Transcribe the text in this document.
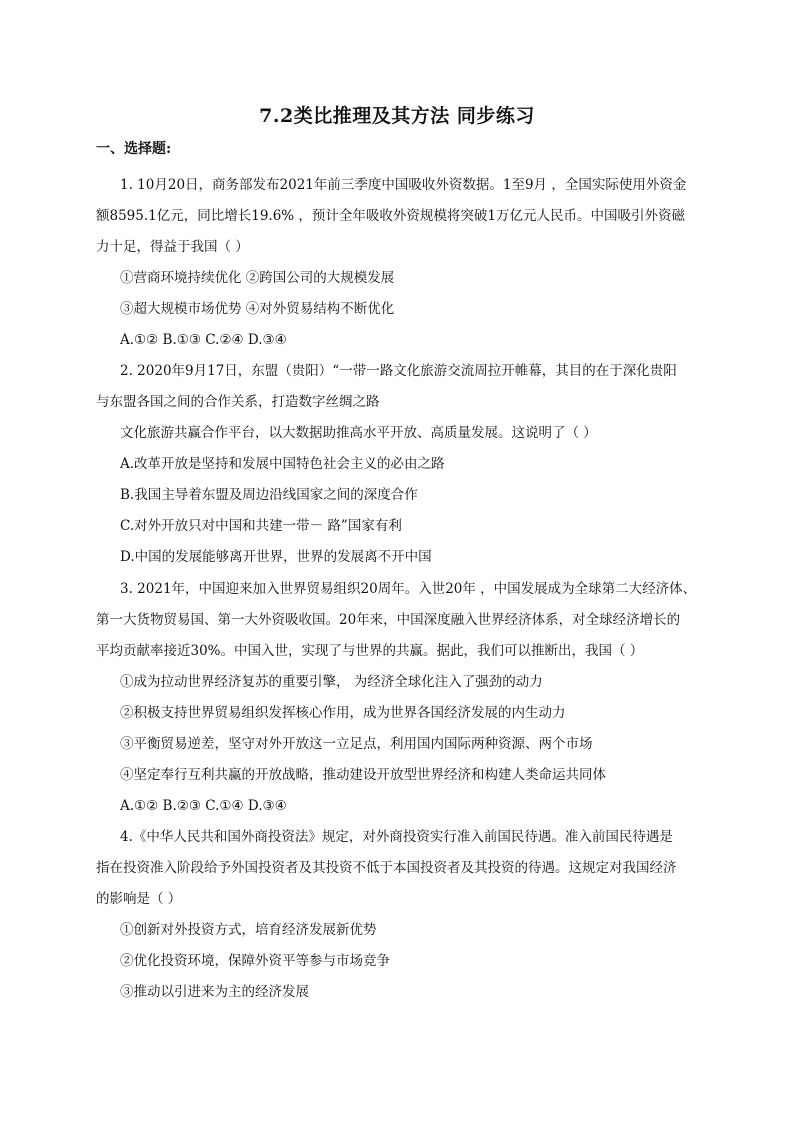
7.2类比推理及其方法 同步练习
一、选择题:
1. 10月20日，商务部发布2021年前三季度中国吸收外资数据。1至9月 ，全国实际使用外资金
额8595.1亿元，同比增长19.6% ，预计全年吸收外资规模将突破1万亿元人民币。中国吸引外资磁
力十足，得益于我国（ ）
①营商环境持续优化 ②跨国公司的大规模发展
③超大规模市场优势 ④对外贸易结构不断优化
A.①② B.①③ C.②④ D.③④
2. 2020年9月17日，东盟（贵阳）“一带一路文化旅游交流周拉开帷幕，其目的在于深化贵阳
与东盟各国之间的合作关系，打造数字丝绸之路
文化旅游共赢合作平台，以大数据助推高水平开放、高质量发展。这说明了（ ）
A.改革开放是坚持和发展中国特色社会主义的必由之路
B.我国主导着东盟及周边沿线国家之间的深度合作
C.对外开放只对中国和共建一带－ 路”国家有利
D.中国的发展能够离开世界，世界的发展离不开中国
3. 2021年，中国迎来加入世界贸易组织20周年。入世20年 ，中国发展成为全球第二大经济体、
第一大货物贸易国、第一大外资吸收国。20年来，中国深度融入世界经济体系，对全球经济增长的
平均贡献率接近30%。中国入世，实现了与世界的共赢。据此，我们可以推断出，我国（ ）
①成为拉动世界经济复苏的重要引擎， 为经济全球化注入了强劲的动力
②积极支持世界贸易组织发挥核心作用，成为世界各国经济发展的内生动力
③平衡贸易逆差，坚守对外开放这一立足点，利用国内国际两种资源、两个市场
④坚定奉行互利共赢的开放战略，推动建设开放型世界经济和构建人类命运共同体
A.①② B.②③ C.①④ D.③④
4.《中华人民共和国外商投资法》规定，对外商投资实行准入前国民待遇。准入前国民待遇是
指在投资准入阶段给予外国投资者及其投资不低于本国投资者及其投资的待遇。这规定对我国经济
的影响是（ ）
①创新对外投资方式，培育经济发展新优势
②优化投资环境，保障外资平等参与市场竞争
③推动以引进来为主的经济发展
